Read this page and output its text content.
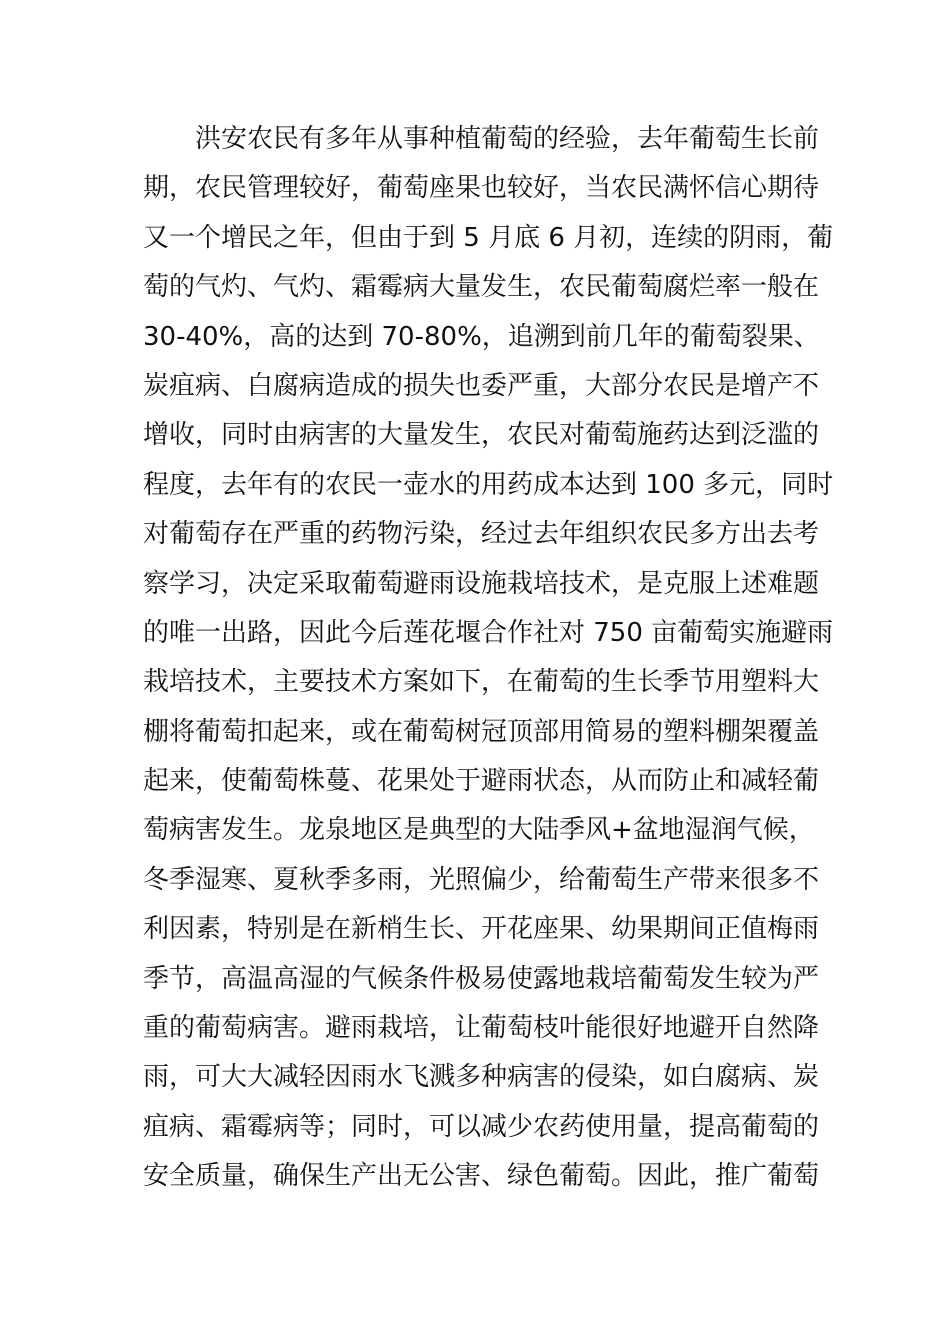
　　洪安农民有多年从事种植葡萄的经验，去年葡萄生长前
期，农民管理较好，葡萄座果也较好，当农民满怀信心期待
又一个增民之年，但由于到 5 月底 6 月初，连续的阴雨，葡
萄的气灼、气灼、霜霉病大量发生，农民葡萄腐烂率一般在
30-40%，高的达到 70-80%，追溯到前几年的葡萄裂果、
炭疽病、白腐病造成的损失也委严重，大部分农民是增产不
增收，同时由病害的大量发生，农民对葡萄施药达到泛滥的
程度，去年有的农民一壶水的用药成本达到 100 多元，同时
对葡萄存在严重的药物污染，经过去年组织农民多方出去考
察学习，决定采取葡萄避雨设施栽培技术，是克服上述难题
的唯一出路，因此今后莲花堰合作社对 750 亩葡萄实施避雨
栽培技术，主要技术方案如下，在葡萄的生长季节用塑料大
棚将葡萄扣起来，或在葡萄树冠顶部用简易的塑料棚架覆盖
起来，使葡萄株蔓、花果处于避雨状态，从而防止和减轻葡
萄病害发生。龙泉地区是典型的大陆季风+盆地湿润气候，
冬季湿寒、夏秋季多雨，光照偏少，给葡萄生产带来很多不
利因素，特别是在新梢生长、开花座果、幼果期间正值梅雨
季节，高温高湿的气候条件极易使露地栽培葡萄发生较为严
重的葡萄病害。避雨栽培，让葡萄枝叶能很好地避开自然降
雨，可大大减轻因雨水飞溅多种病害的侵染，如白腐病、炭
疽病、霜霉病等；同时，可以减少农药使用量，提高葡萄的
安全质量，确保生产出无公害、绿色葡萄。因此，推广葡萄
